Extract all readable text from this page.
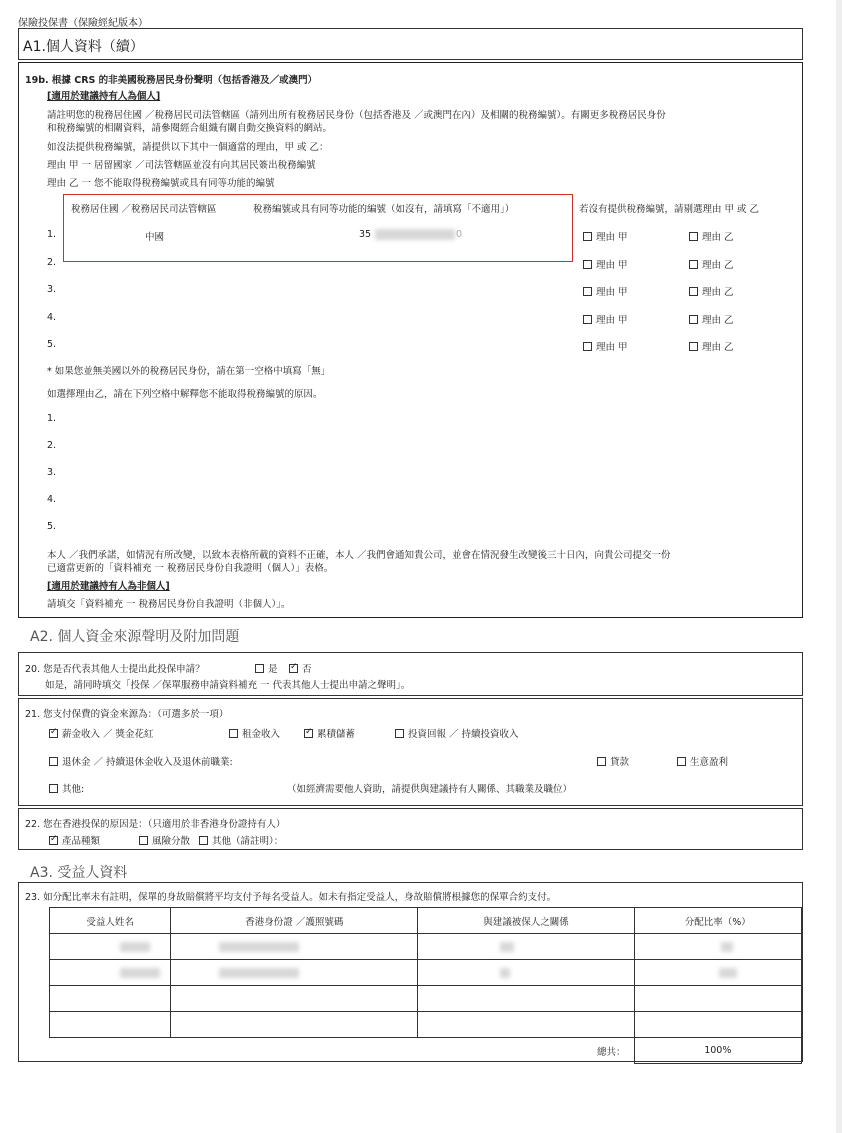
保險投保書（保險經紀版本）
A1.個人資料（續）
19b. 根據 CRS 的非美國稅務居民身份聲明（包括香港及／或澳門）
[適用於建議持有人為個人]
請註明您的稅務居住國 ／稅務居民司法管轄區（請列出所有稅務居民身份（包括香港及 ／或澳門在內）及相關的稅務編號）。有關更多稅務居民身份
和稅務編號的相關資料，請參閱經合組織有關自動交換資料的網站。
如沒法提供稅務編號，請提供以下其中一個適當的理由，甲 或 乙：
理由 甲 一 居留國家 ／司法管轄區並沒有向其居民簽出稅務編號
理由 乙 一 您不能取得稅務編號或具有同等功能的編號
稅務居住國 ／稅務居民司法管轄區	稅務編號或具有同等功能的編號（如沒有，請填寫「不適用」）	若沒有提供稅務編號，請剔選理由 甲 或 乙
1.	中國	35	0	理由 甲	理由 乙
2.	理由 甲	理由 乙
3.	理由 甲	理由 乙
4.	理由 甲	理由 乙
5.	理由 甲	理由 乙
* 如果您並無美國以外的稅務居民身份，請在第一空格中填寫「無」
如選擇理由乙，請在下列空格中解釋您不能取得稅務編號的原因。
1.
2.
3.
4.
5.
本人 ／我們承諾，如情況有所改變，以致本表格所載的資料不正確，本人 ／我們會通知貴公司，並會在情況發生改變後三十日內，向貴公司提交一份
已適當更新的「資料補充 一 稅務居民身份自我證明（個人）」表格。
[適用於建議持有人為非個人]
請填交「資料補充 一 稅務居民身份自我證明（非個人）」。
A2. 個人資金來源聲明及附加問題
20. 您是否代表其他人士提出此投保申請？	是 ✓	否
如是，請同時填交「投保 ／保單服務申請資料補充 一 代表其他人士提出申請之聲明」。
21. 您支付保費的資金來源為：（可選多於一項）
✓薪金收入 ／ 獎金花紅	租金收入 ✓	累積儲蓄	投資回報 ／ 持續投資收入
退休金 ／ 持續退休金收入及退休前職業:	貸款	生意盈利
其他:	（如經濟需要他人資助，請提供與建議持有人關係、其職業及職位）
22. 您在香港投保的原因是：（只適用於非香港身份證持有人）
✓產品種類	風險分散	其他（請註明）：
A3. 受益人資料
23. 如分配比率未有註明，保單的身故賠償將平均支付予每名受益人。如未有指定受益人，身故賠償將根據您的保單合約支付。
受益人姓名	香港身份證 ／護照號碼	與建議被保人之關係	分配比率（%）

總共：			100%
